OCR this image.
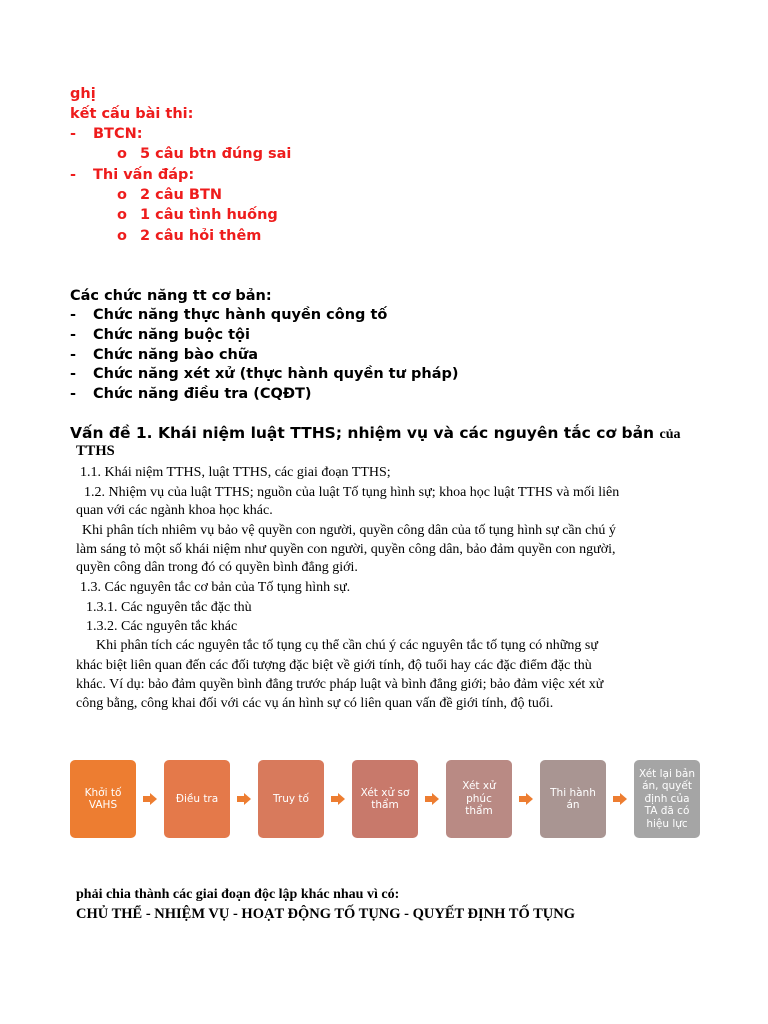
ghị
kết cấu bài thi:
- BTCN:
o 5 câu btn đúng sai
- Thi vấn đáp:
o 2 câu BTN
o 1 câu tình huống
o 2 câu hỏi thêm
Các chức năng tt cơ bản:
- Chức năng thực hành quyền công tố
- Chức năng buộc tội
- Chức năng bào chữa
- Chức năng xét xử (thực hành quyền tư pháp)
- Chức năng điều tra (CQĐT)
Vấn đề 1. Khái niệm luật TTHS; nhiệm vụ và các nguyên tắc cơ bản của
TTHS
1.1. Khái niệm TTHS, luật TTHS, các giai đoạn TTHS;
1.2. Nhiệm vụ của luật TTHS; nguồn của luật Tố tụng hình sự; khoa học luật TTHS và mối liên
quan với các ngành khoa học khác.
Khi phân tích nhiêm vụ bảo vệ quyền con người, quyền công dân của tố tụng hình sự cần chú ý
làm sáng tỏ một số khái niệm như quyền con người, quyền công dân, bảo đảm quyền con người,
quyền công dân trong đó có quyền bình đẳng giới.
1.3. Các nguyên tắc cơ bản của Tố tụng hình sự.
1.3.1. Các nguyên tắc đặc thù
1.3.2. Các nguyên tắc khác
Khi phân tích các nguyên tắc tố tụng cụ thể cần chú ý các nguyên tắc tố tụng có những sự
khác biệt liên quan đến các đối tượng đặc biệt về giới tính, độ tuổi hay các đặc điểm đặc thù
khác. Ví dụ: bảo đảm quyền bình đẳng trước pháp luật và bình đẳng giới; bảo đảm việc xét xử
công bằng, công khai đối với các vụ án hình sự có liên quan vấn đề giới tính, độ tuổi.
Khởi tố
VAHS
Điều tra	Truy tố
Xét xử sơ
thẩm
Xét xử
phúc
thẩm
Thi hành
án
Xét lại bản
án, quyết
định của
TA đã có
hiệu lực
phải chia thành các giai đoạn độc lập khác nhau vì có:
CHỦ THỂ - NHIỆM VỤ - HOẠT ĐỘNG TỐ TỤNG - QUYẾT ĐỊNH TỐ TỤNG
